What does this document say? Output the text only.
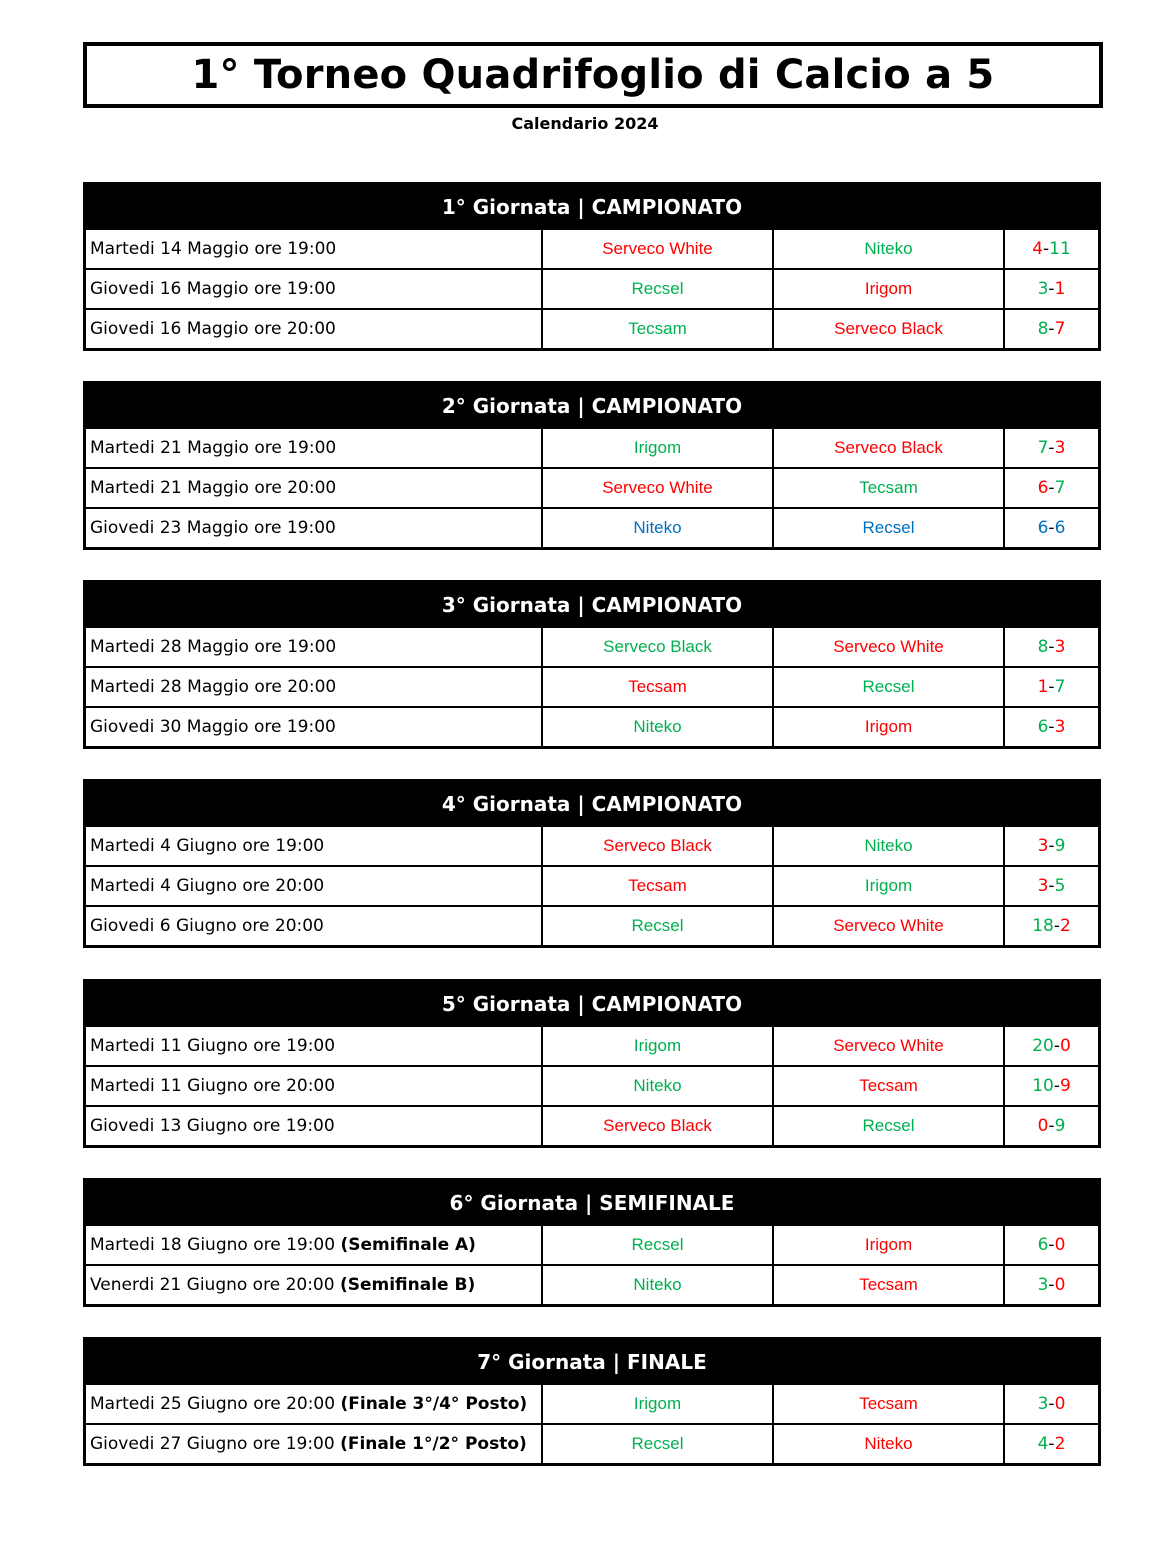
1° Torneo Quadrifoglio di Calcio a 5
Calendario 2024
1° Giornata | CAMPIONATO
Martedi 14 Maggio ore 19:00	Serveco White	Niteko	4-11
Giovedi 16 Maggio ore 19:00	Recsel	Irigom	3-1
Giovedi 16 Maggio ore 20:00	Tecsam	Serveco Black	8-7
2° Giornata | CAMPIONATO
Martedi 21 Maggio ore 19:00	Irigom	Serveco Black	7-3
Martedi 21 Maggio ore 20:00	Serveco White	Tecsam	6-7
Giovedi 23 Maggio ore 19:00	Niteko	Recsel	6-6
3° Giornata | CAMPIONATO
Martedi 28 Maggio ore 19:00	Serveco Black	Serveco White	8-3
Martedi 28 Maggio ore 20:00	Tecsam	Recsel	1-7
Giovedi 30 Maggio ore 19:00	Niteko	Irigom	6-3
4° Giornata | CAMPIONATO
Martedi 4 Giugno ore 19:00	Serveco Black	Niteko	3-9
Martedi 4 Giugno ore 20:00	Tecsam	Irigom	3-5
Giovedi 6 Giugno ore 20:00	Recsel	Serveco White	18-2
5° Giornata | CAMPIONATO
Martedi 11 Giugno ore 19:00	Irigom	Serveco White	20-0
Martedi 11 Giugno ore 20:00	Niteko	Tecsam	10-9
Giovedi 13 Giugno ore 19:00	Serveco Black	Recsel	0-9
6° Giornata | SEMIFINALE
Martedi 18 Giugno ore 19:00 (Semifinale A)	Recsel	Irigom	6-0
Venerdi 21 Giugno ore 20:00 (Semifinale B)	Niteko	Tecsam	3-0
7° Giornata | FINALE
Martedi 25 Giugno ore 20:00 (Finale 3°/4° Posto)	Irigom	Tecsam	3-0
Giovedi 27 Giugno ore 19:00 (Finale 1°/2° Posto)	Recsel	Niteko	4-2
